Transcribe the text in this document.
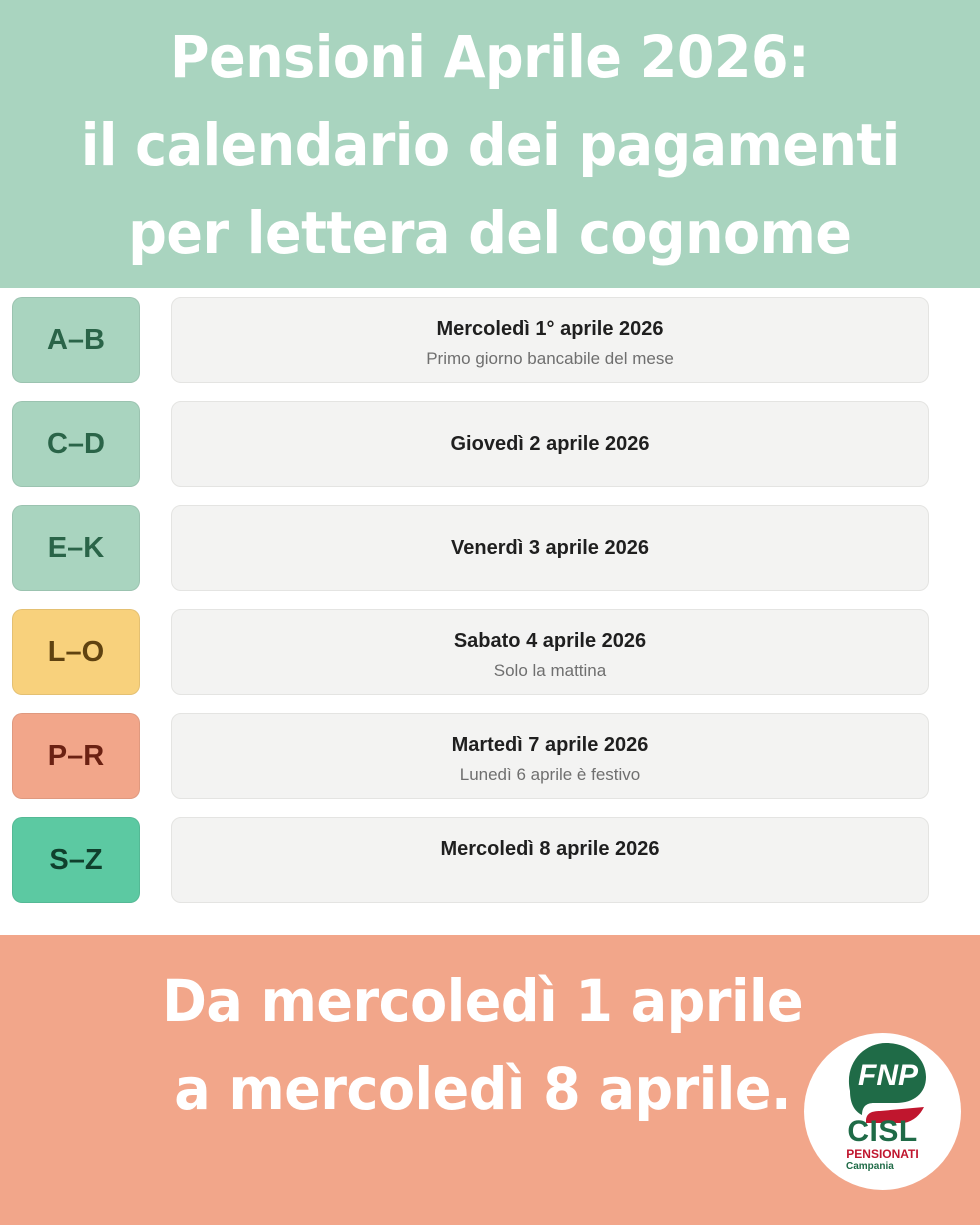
Pensioni Aprile 2026:
il calendario dei pagamenti
per lettera del cognome
A–B	Mercoledì 1° aprile 2026
Primo giorno bancabile del mese
C–D	Giovedì 2 aprile 2026
E–K	Venerdì 3 aprile 2026
L–O	Sabato 4 aprile 2026
Solo la mattina
P–R	Martedì 7 aprile 2026
Lunedì 6 aprile è festivo
S–Z	Mercoledì 8 aprile 2026
Da mercoledì 1 aprile
a mercoledì 8 aprile. FNP
CISL
PENSIONATI
Campania
